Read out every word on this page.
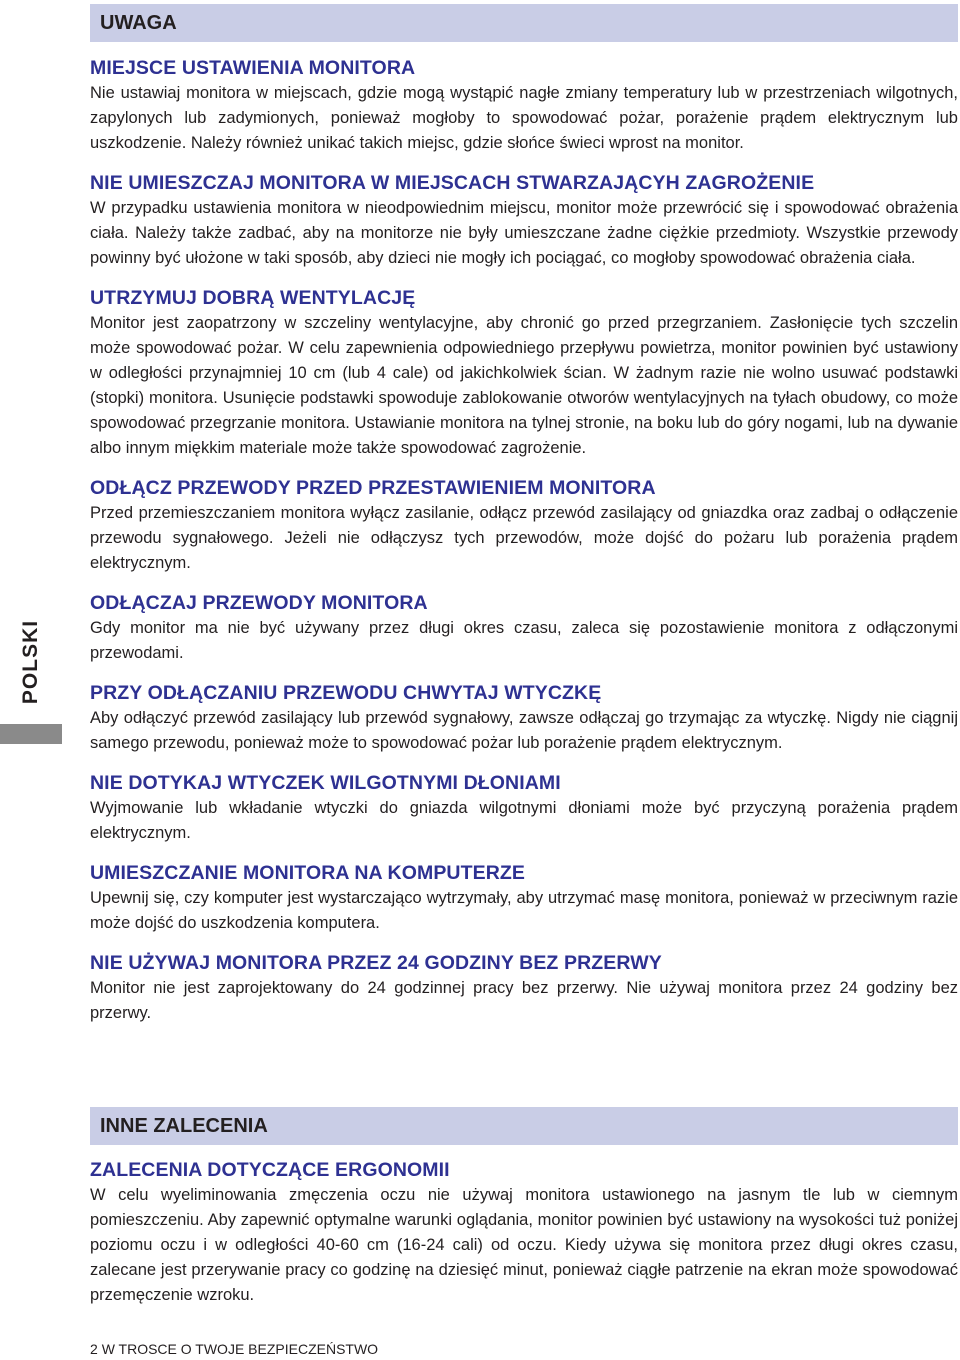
UWAGA

MIEJSCE USTAWIENIA MONITORA

Nie ustawiaj monitora w miejscach, gdzie mogą wystąpić nagłe zmiany temperatury lub w przestrzeniach wilgotnych, zapylonych lub zadymionych, ponieważ mogłoby to spowodować pożar, porażenie prądem elektrycznym lub uszkodzenie. Należy również unikać takich miejsc, gdzie słońce świeci wprost na monitor.

NIE UMIESZCZAJ MONITORA W MIEJSCACH STWARZAJĄCYH ZAGROŻENIE

W przypadku ustawienia monitora w nieodpowiednim miejscu, monitor może przewrócić się i spowodować obrażenia ciała. Należy także zadbać, aby na monitorze nie były umieszczane żadne ciężkie przedmioty. Wszystkie przewody powinny być ułożone w taki sposób, aby dzieci nie mogły ich pociągać, co mogłoby spowodować obrażenia ciała.

UTRZYMUJ DOBRĄ WENTYLACJĘ

Monitor jest zaopatrzony w szczeliny wentylacyjne, aby chronić go przed przegrzaniem. Zasłonięcie tych szczelin może spowodować pożar. W celu zapewnienia odpowiedniego przepływu powietrza, monitor powinien być ustawiony w odległości przynajmniej 10 cm (lub 4 cale) od jakichkolwiek ścian. W żadnym razie nie wolno usuwać podstawki (stopki) monitora. Usunięcie podstawki spowoduje zablokowanie otworów wentylacyjnych na tyłach obudowy, co może spowodować przegrzanie monitora. Ustawianie monitora na tylnej stronie, na boku lub do góry nogami, lub na dywanie albo innym miękkim materiale może także spowodować zagrożenie.

ODŁĄCZ PRZEWODY PRZED PRZESTAWIENIEM MONITORA

Przed przemieszczaniem monitora wyłącz zasilanie, odłącz przewód zasilający od gniazdka oraz zadbaj o odłączenie przewodu sygnałowego. Jeżeli nie odłączysz tych przewodów, może dojść do pożaru lub porażenia prądem elektrycznym.

ODŁĄCZAJ PRZEWODY MONITORA

Gdy monitor ma nie być używany przez długi okres czasu, zaleca się pozostawienie monitora z odłączonymi przewodami.

PRZY ODŁĄCZANIU PRZEWODU CHWYTAJ WTYCZKĘ

Aby odłączyć przewód zasilający lub przewód sygnałowy, zawsze odłączaj go trzymając za wtyczkę. Nigdy nie ciągnij samego przewodu, ponieważ może to spowodować pożar lub porażenie prądem elektrycznym.

NIE DOTYKAJ WTYCZEK WILGOTNYMI DŁONIAMI

Wyjmowanie lub wkładanie wtyczki do gniazda wilgotnymi dłoniami może być przyczyną porażenia prądem elektrycznym.

UMIESZCZANIE MONITORA NA KOMPUTERZE

Upewnij się, czy komputer jest wystarczająco wytrzymały, aby utrzymać masę monitora, ponieważ w przeciwnym razie może dojść do uszkodzenia komputera.

NIE UŻYWAJ MONITORA PRZEZ 24 GODZINY BEZ PRZERWY

Monitor nie jest zaprojektowany do 24 godzinnej pracy bez przerwy. Nie używaj monitora przez 24 godziny bez przerwy.

INNE ZALECENIA

ZALECENIA DOTYCZĄCE ERGONOMII

W celu wyeliminowania zmęczenia oczu nie używaj monitora ustawionego na jasnym tle lub w ciemnym pomieszczeniu. Aby zapewnić optymalne warunki oglądania, monitor powinien być ustawiony na wysokości tuż poniżej poziomu oczu i w odległości 40-60 cm (16-24 cali) od oczu. Kiedy używa się monitora przez długi okres czasu, zalecane jest przerywanie pracy co godzinę na dziesięć minut, ponieważ ciągłe patrzenie na ekran może spowodować przemęczenie wzroku.

POLSKI
2 W TROSCE O TWOJE BEZPIECZEŃSTWO
